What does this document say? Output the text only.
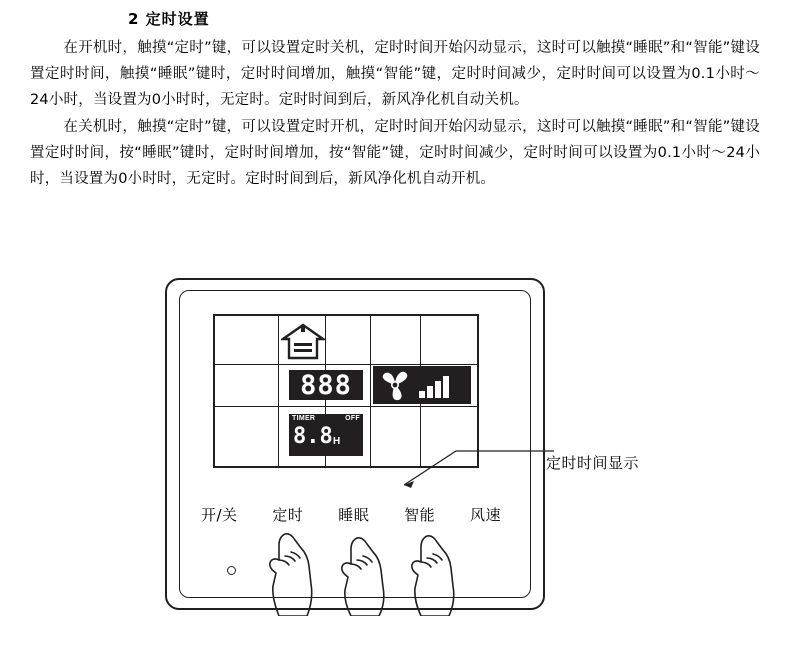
2 定时设置

在开机时，触摸“定时”键，可以设置定时关机，定时时间开始闪动显示，这时可以触摸“睡眠”和“智能”键设置定时时间，触摸“睡眠”键时，定时时间增加，触摸“智能”键，定时时间减少，定时时间可以设置为0.1小时～24小时，当设置为0小时时，无定时。定时时间到后，新风净化机自动关机。

在关机时，触摸“定时”键，可以设置定时开机，定时时间开始闪动显示，这时可以触摸“睡眠”和“智能”键设置定时时间，按“睡眠”键时，定时时间增加，按“智能”键，定时时间减少，定时时间可以设置为0.1小时～24小时，当设置为0小时时，无定时。定时时间到后，新风净化机自动开机。

888
TIMER	OFF
8.8 H
开/关 定时 睡眠 智能 风速
定时时间显示
